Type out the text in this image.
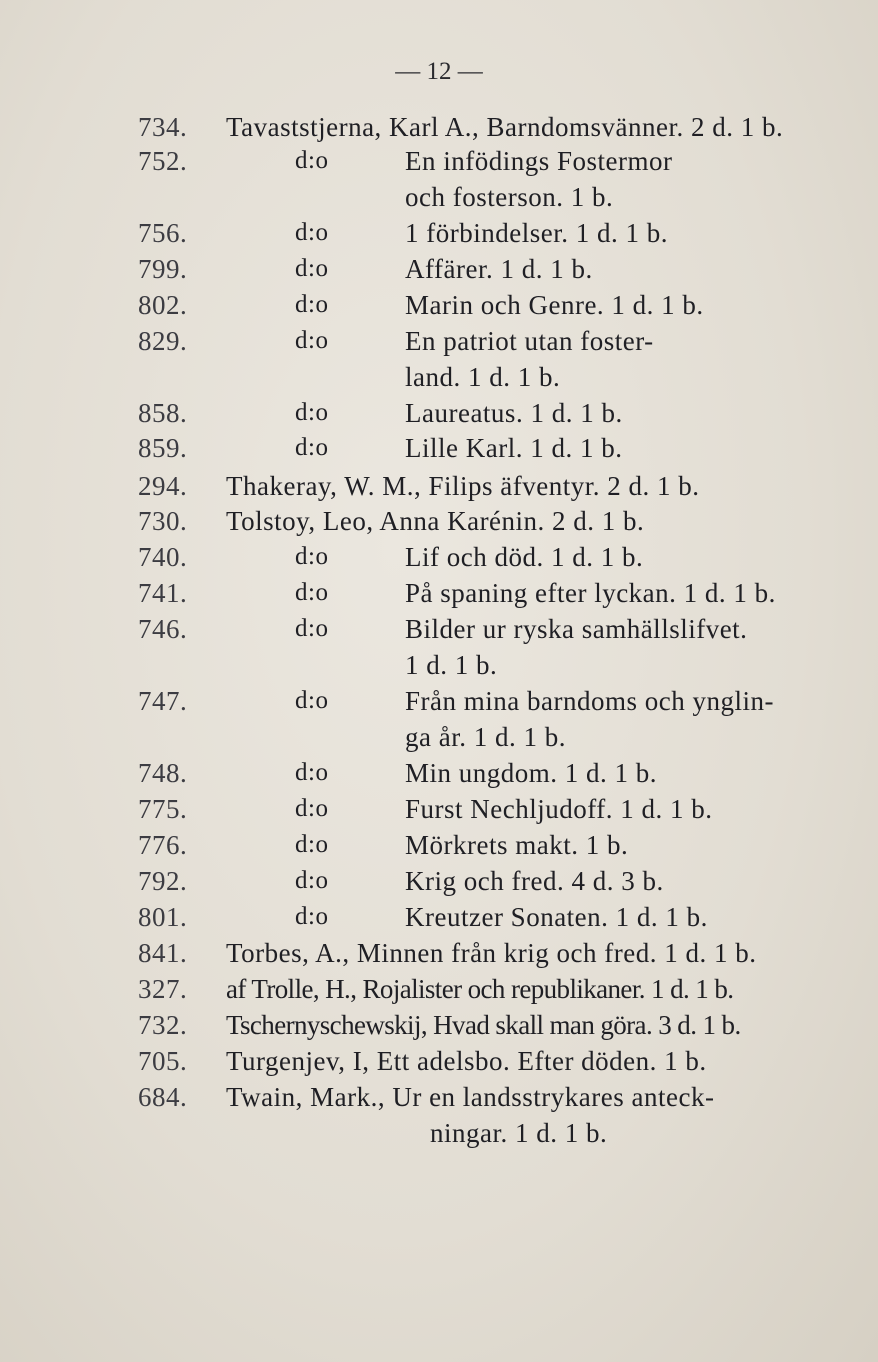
— 12 —
734. Tavaststjerna, Karl A., Barndomsvänner. 2 d. 1 b.
752.	d:o	En infödings Fostermor
och fosterson. 1 b.
756.	d:o	1 förbindelser. 1 d. 1 b.
799.	d:o	Affärer. 1 d. 1 b.
802.	d:o	Marin och Genre. 1 d. 1 b.
829.	d:o	En patriot utan foster-
land. 1 d. 1 b.
858.	d:o	Laureatus. 1 d. 1 b.
859.	d:o	Lille Karl. 1 d. 1 b.
294. Thakeray, W. M., Filips äfventyr. 2 d. 1 b.
730. Tolstoy, Leo, Anna Karénin. 2 d. 1 b.
740.	d:o	Lif och död. 1 d. 1 b.
741.	d:o	På spaning efter lyckan. 1 d. 1 b.
746.	d:o	Bilder ur ryska samhällslifvet.
1 d. 1 b.
747.	d:o	Från mina barndoms och ynglin-
ga år. 1 d. 1 b.
748.	d:o	Min ungdom. 1 d. 1 b.
775.	d:o	Furst Nechljudoff. 1 d. 1 b.
776.	d:o	Mörkrets makt. 1 b.
792.	d:o	Krig och fred. 4 d. 3 b.
801.	d:o	Kreutzer Sonaten. 1 d. 1 b.
841. Torbes, A., Minnen från krig och fred. 1 d. 1 b.
327. af Trolle, H., Rojalister och republikaner. 1 d. 1 b.
732. Tschernyschewskij, Hvad skall man göra. 3 d. 1 b.
705. Turgenjev, I, Ett adelsbo. Efter döden. 1 b.
684. Twain, Mark., Ur en landsstrykares anteck-
ningar. 1 d. 1 b.
